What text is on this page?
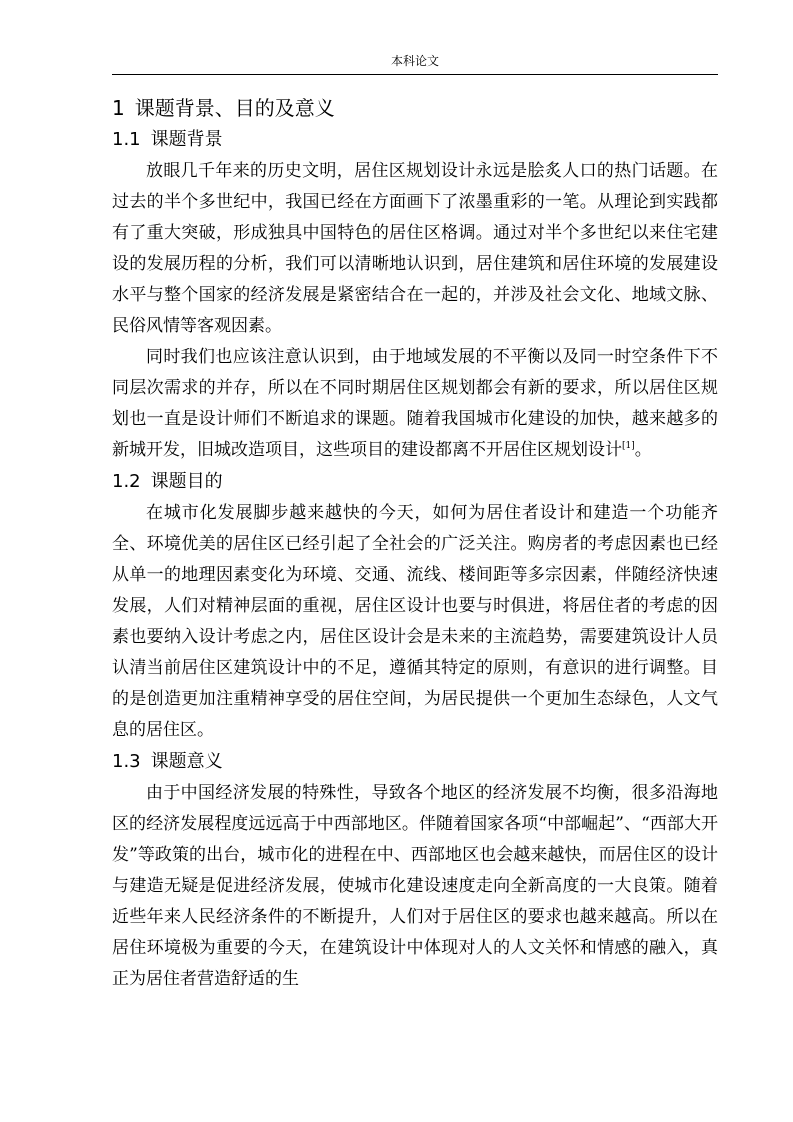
本科论文
1 课题背景、目的及意义
1.1 课题背景

放眼几千年来的历史文明，居住区规划设计永远是脍炙人口的热门话题。在过去的半个多世纪中，我国已经在方面画下了浓墨重彩的一笔。从理论到实践都有了重大突破，形成独具中国特色的居住区格调。通过对半个多世纪以来住宅建设的发展历程的分析，我们可以清晰地认识到，居住建筑和居住环境的发展建设水平与整个国家的经济发展是紧密结合在一起的，并涉及社会文化、地域文脉、民俗风情等客观因素。

同时我们也应该注意认识到，由于地域发展的不平衡以及同一时空条件下不同层次需求的并存，所以在不同时期居住区规划都会有新的要求，所以居住区规划也一直是设计师们不断追求的课题。随着我国城市化建设的加快，越来越多的新城开发，旧城改造项目，这些项目的建设都离不开居住区规划设计[1]。

1.2 课题目的

在城市化发展脚步越来越快的今天，如何为居住者设计和建造一个功能齐全、环境优美的居住区已经引起了全社会的广泛关注。购房者的考虑因素也已经从单一的地理因素变化为环境、交通、流线、楼间距等多宗因素，伴随经济快速发展，人们对精神层面的重视，居住区设计也要与时俱进，将居住者的考虑的因素也要纳入设计考虑之内，居住区设计会是未来的主流趋势，需要建筑设计人员认清当前居住区建筑设计中的不足，遵循其特定的原则，有意识的进行调整。目的是创造更加注重精神享受的居住空间，为居民提供一个更加生态绿色，人文气息的居住区。

1.3 课题意义

由于中国经济发展的特殊性，导致各个地区的经济发展不均衡，很多沿海地区的经济发展程度远远高于中西部地区。伴随着国家各项“中部崛起”、“西部大开发”等政策的出台，城市化的进程在中、西部地区也会越来越快，而居住区的设计与建造无疑是促进经济发展，使城市化建设速度走向全新高度的一大良策。随着近些年来人民经济条件的不断提升，人们对于居住区的要求也越来越高。所以在居住环境极为重要的今天，在建筑设计中体现对人的人文关怀和情感的融入，真正为居住者营造舒适的生
